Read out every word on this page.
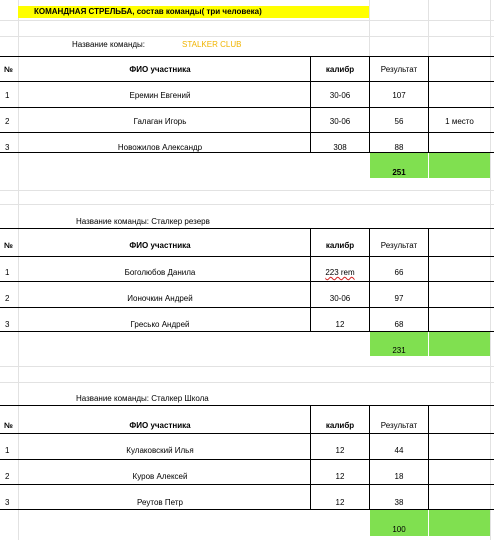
КОМАНДНАЯ СТРЕЛЬБА, состав команды( три человека)
Название команды:	STALKER CLUB
№	ФИО участника	калибр	Результат
1	Еремин Евгений	30-06	107
2	Галаган Игорь	30-06	56	1 место
3	Новожилов Александр	308	88
251
Название команды: Сталкер резерв
№	ФИО участника	калибр	Результат
1	Боголюбов Данила	223 rem	66
2	Ионочкин Андрей	30-06	97
3	Гресько Андрей	12	68
231
Название команды: Сталкер Школа
№	ФИО участника	калибр	Результат
1	Кулаковский Илья	12	44
2	Куров Алексей	12	18
3	Реутов Петр	12	38
100
